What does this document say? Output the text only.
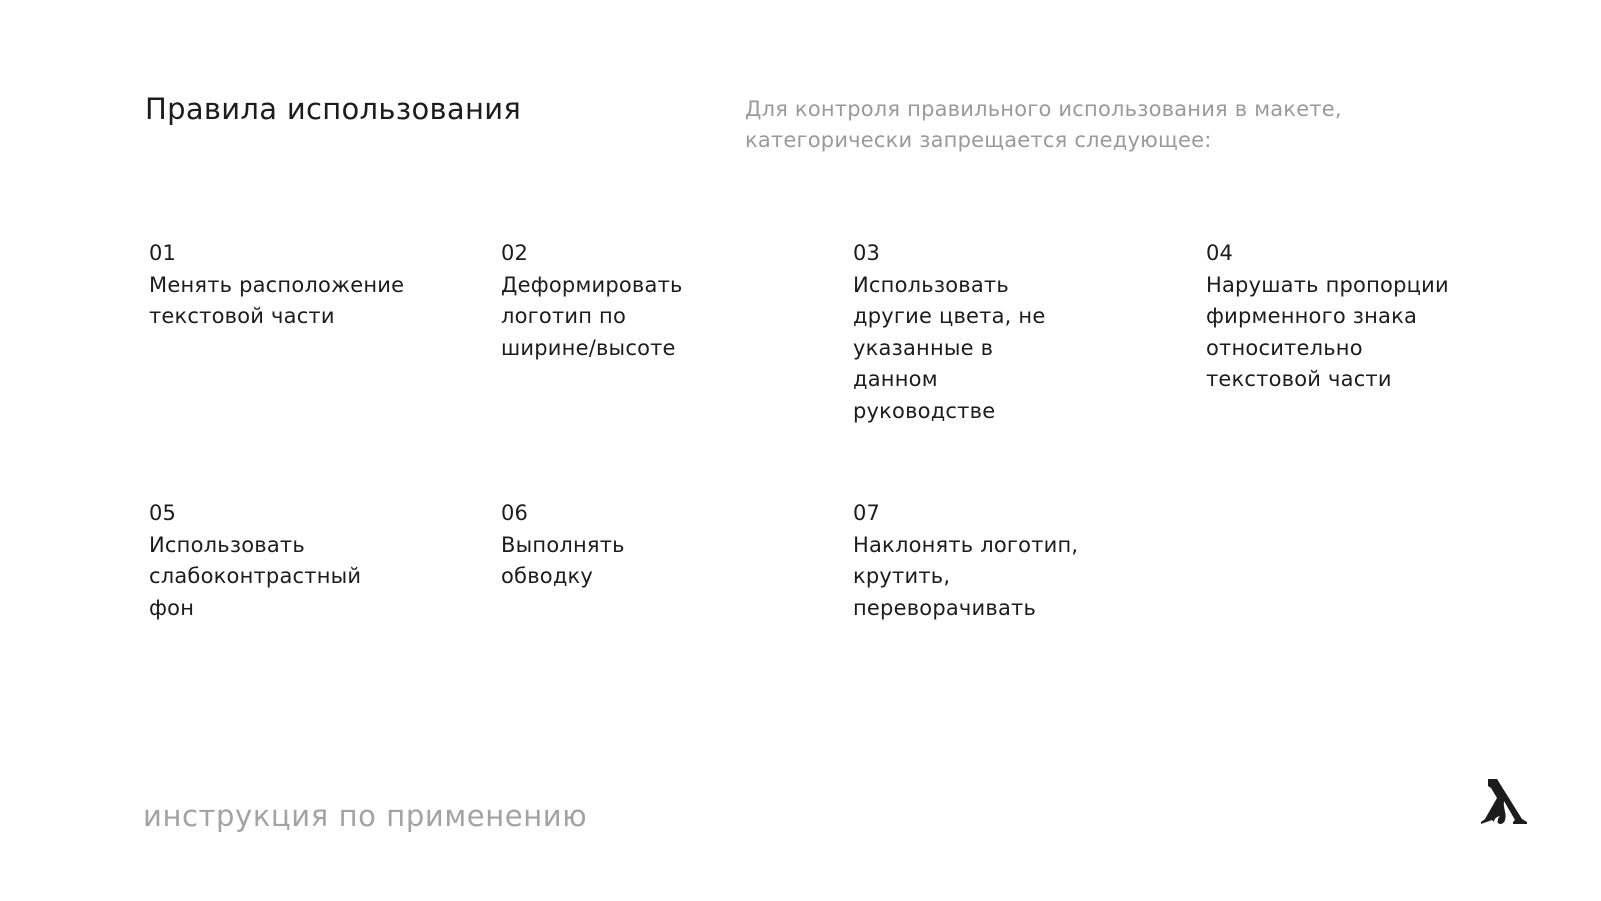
Правила использования	Для контроля правильного использования в макете, категорически запрещается следующее:
01
Менять расположение текстовой части
02
Деформировать логотип по ширине/высоте
03
Использовать другие цвета, не указанные в данном руководстве
04
Нарушать пропорции фирменного знака относительно текстовой части
05
Использовать слабоконтрастный фон
06
Выполнять обводку
07
Наклонять логотип, крутить, переворачивать
инструкция по применению
